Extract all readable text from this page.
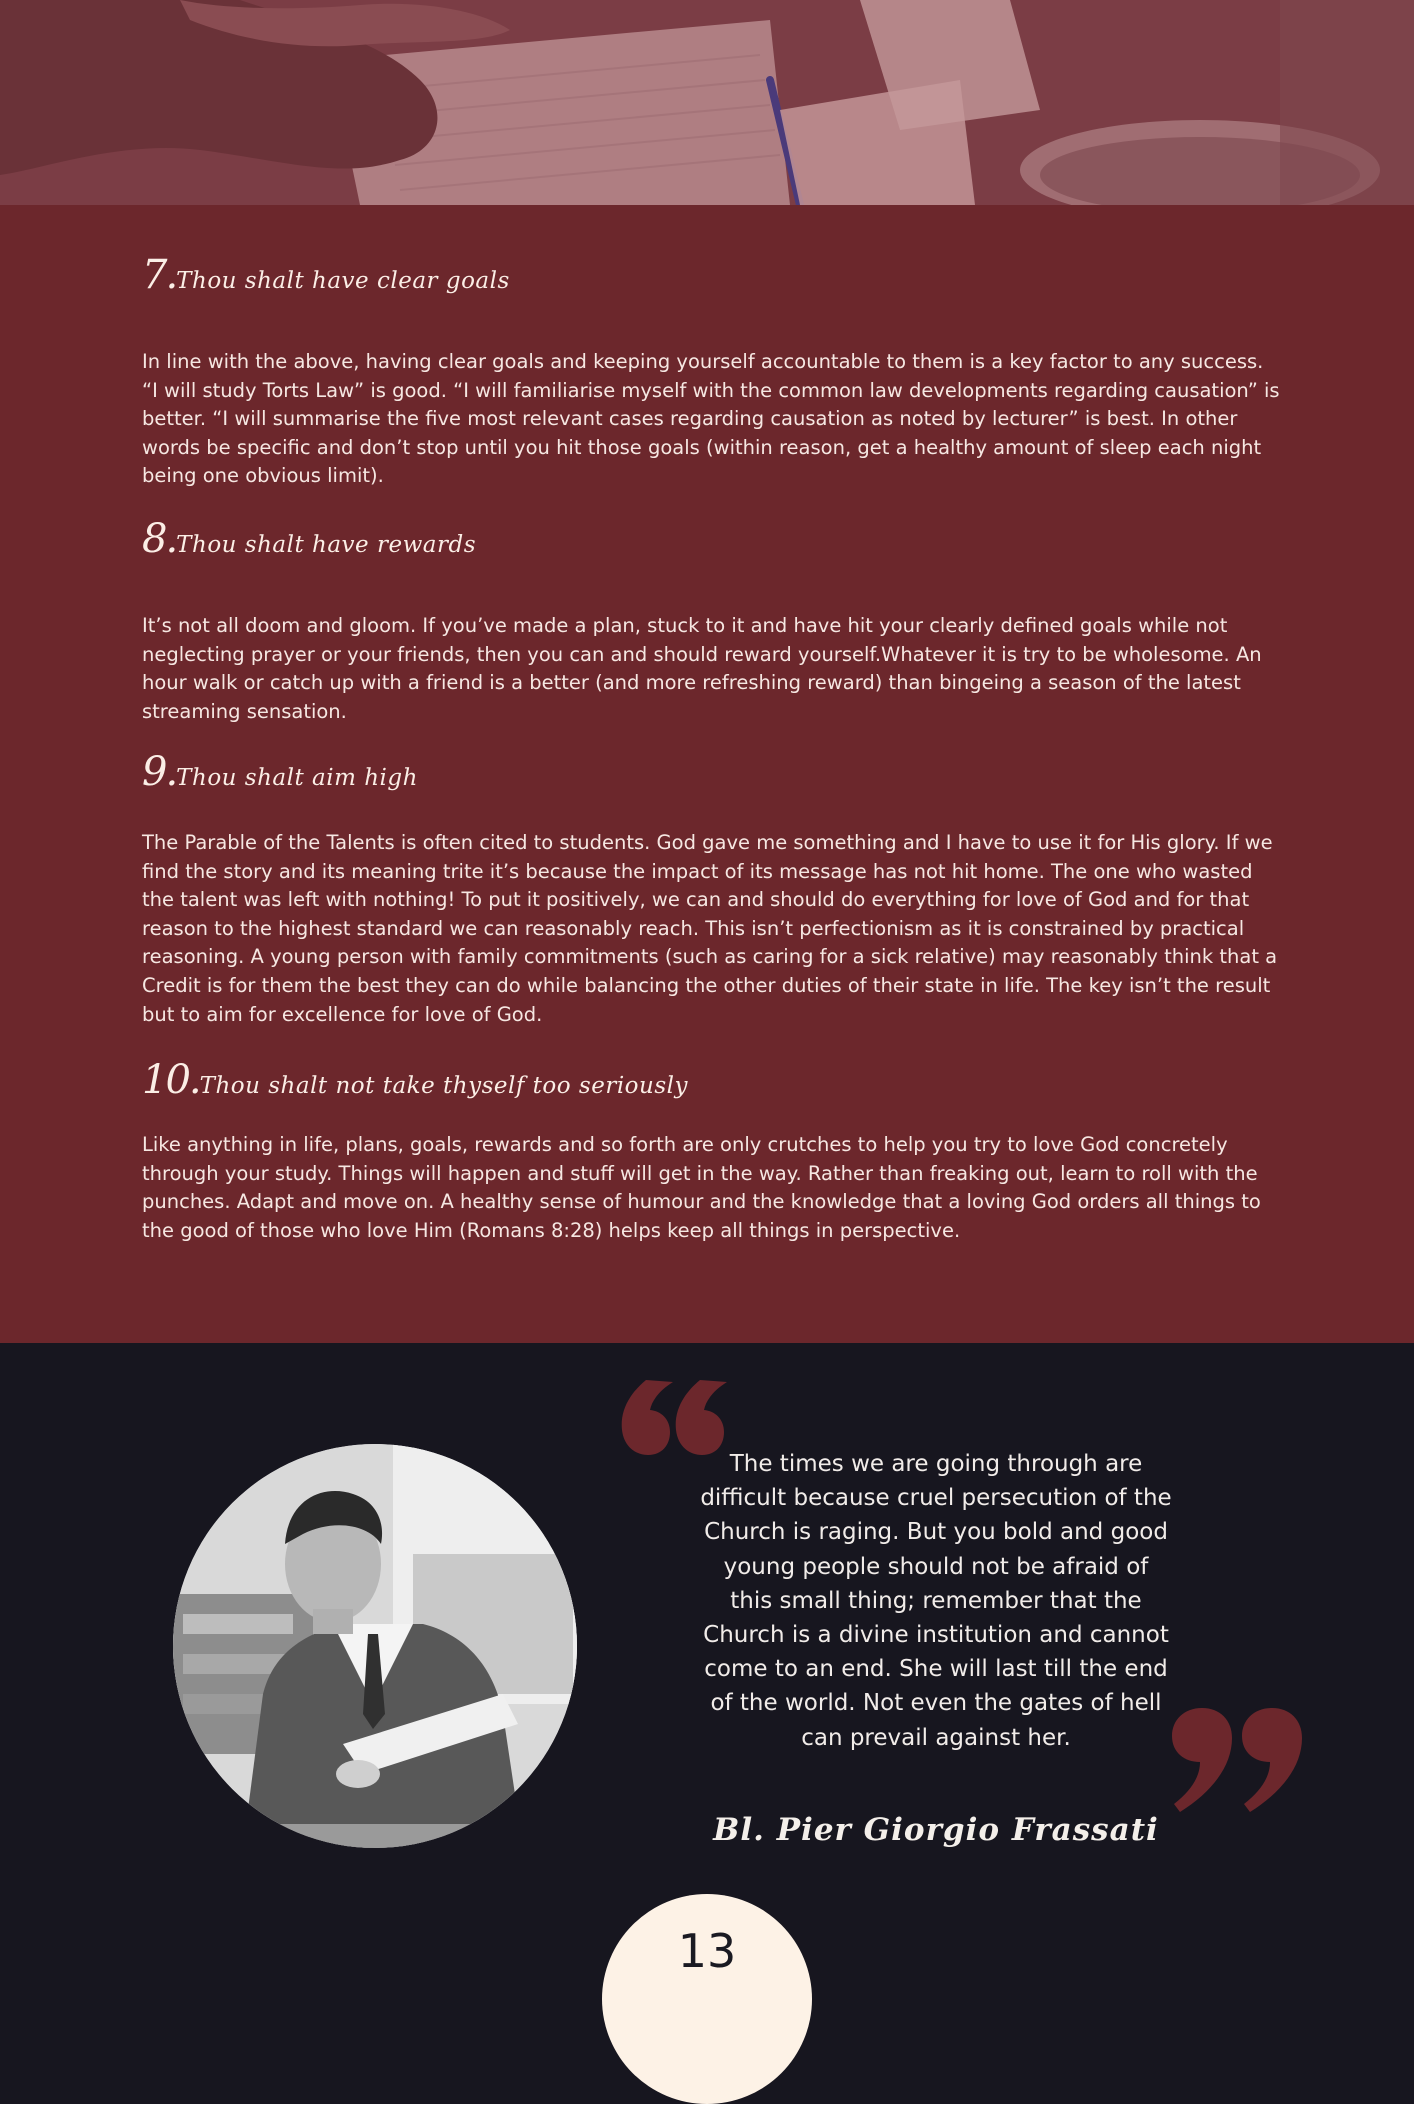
7.Thou shalt have clear goals

In line with the above, having clear goals and keeping yourself accountable to them is a key factor to any success. “I will study Torts Law” is good. “I will familiarise myself with the common law developments regarding causation” is better. “I will summarise the five most relevant cases regarding causation as noted by lecturer” is best. In other words be specific and don’t stop until you hit those goals (within reason, get a healthy amount of sleep each night being one obvious limit).

8.Thou shalt have rewards

It’s not all doom and gloom. If you’ve made a plan, stuck to it and have hit your clearly defined goals while not neglecting prayer or your friends, then you can and should reward yourself.Whatever it is try to be wholesome. An hour walk or catch up with a friend is a better (and more refreshing reward) than bingeing a season of the latest streaming sensation.

9.Thou shalt aim high

The Parable of the Talents is often cited to students. God gave me something and I have to use it for His glory. If we find the story and its meaning trite it’s because the impact of its message has not hit home. The one who wasted the talent was left with nothing! To put it positively, we can and should do everything for love of God and for that reason to the highest standard we can reasonably reach. This isn’t perfectionism as it is constrained by practical reasoning. A young person with family commitments (such as caring for a sick relative) may reasonably think that a Credit is for them the best they can do while balancing the other duties of their state in life. The key isn’t the result but to aim for excellence for love of God.

10.Thou shalt not take thyself too seriously

Like anything in life, plans, goals, rewards and so forth are only crutches to help you try to love God concretely through your study. Things will happen and stuff will get in the way. Rather than freaking out, learn to roll with the punches. Adapt and move on. A healthy sense of humour and the knowledge that a loving God orders all things to the good of those who love Him (Romans 8:28) helps keep all things in perspective.

The times we are going through are difficult because cruel persecution of the Church is raging. But you bold and good young people should not be afraid of this small thing; remember that the Church is a divine institution and cannot come to an end. She will last till the end of the world. Not even the gates of hell can prevail against her.

Bl. Pier Giorgio Frassati
13
